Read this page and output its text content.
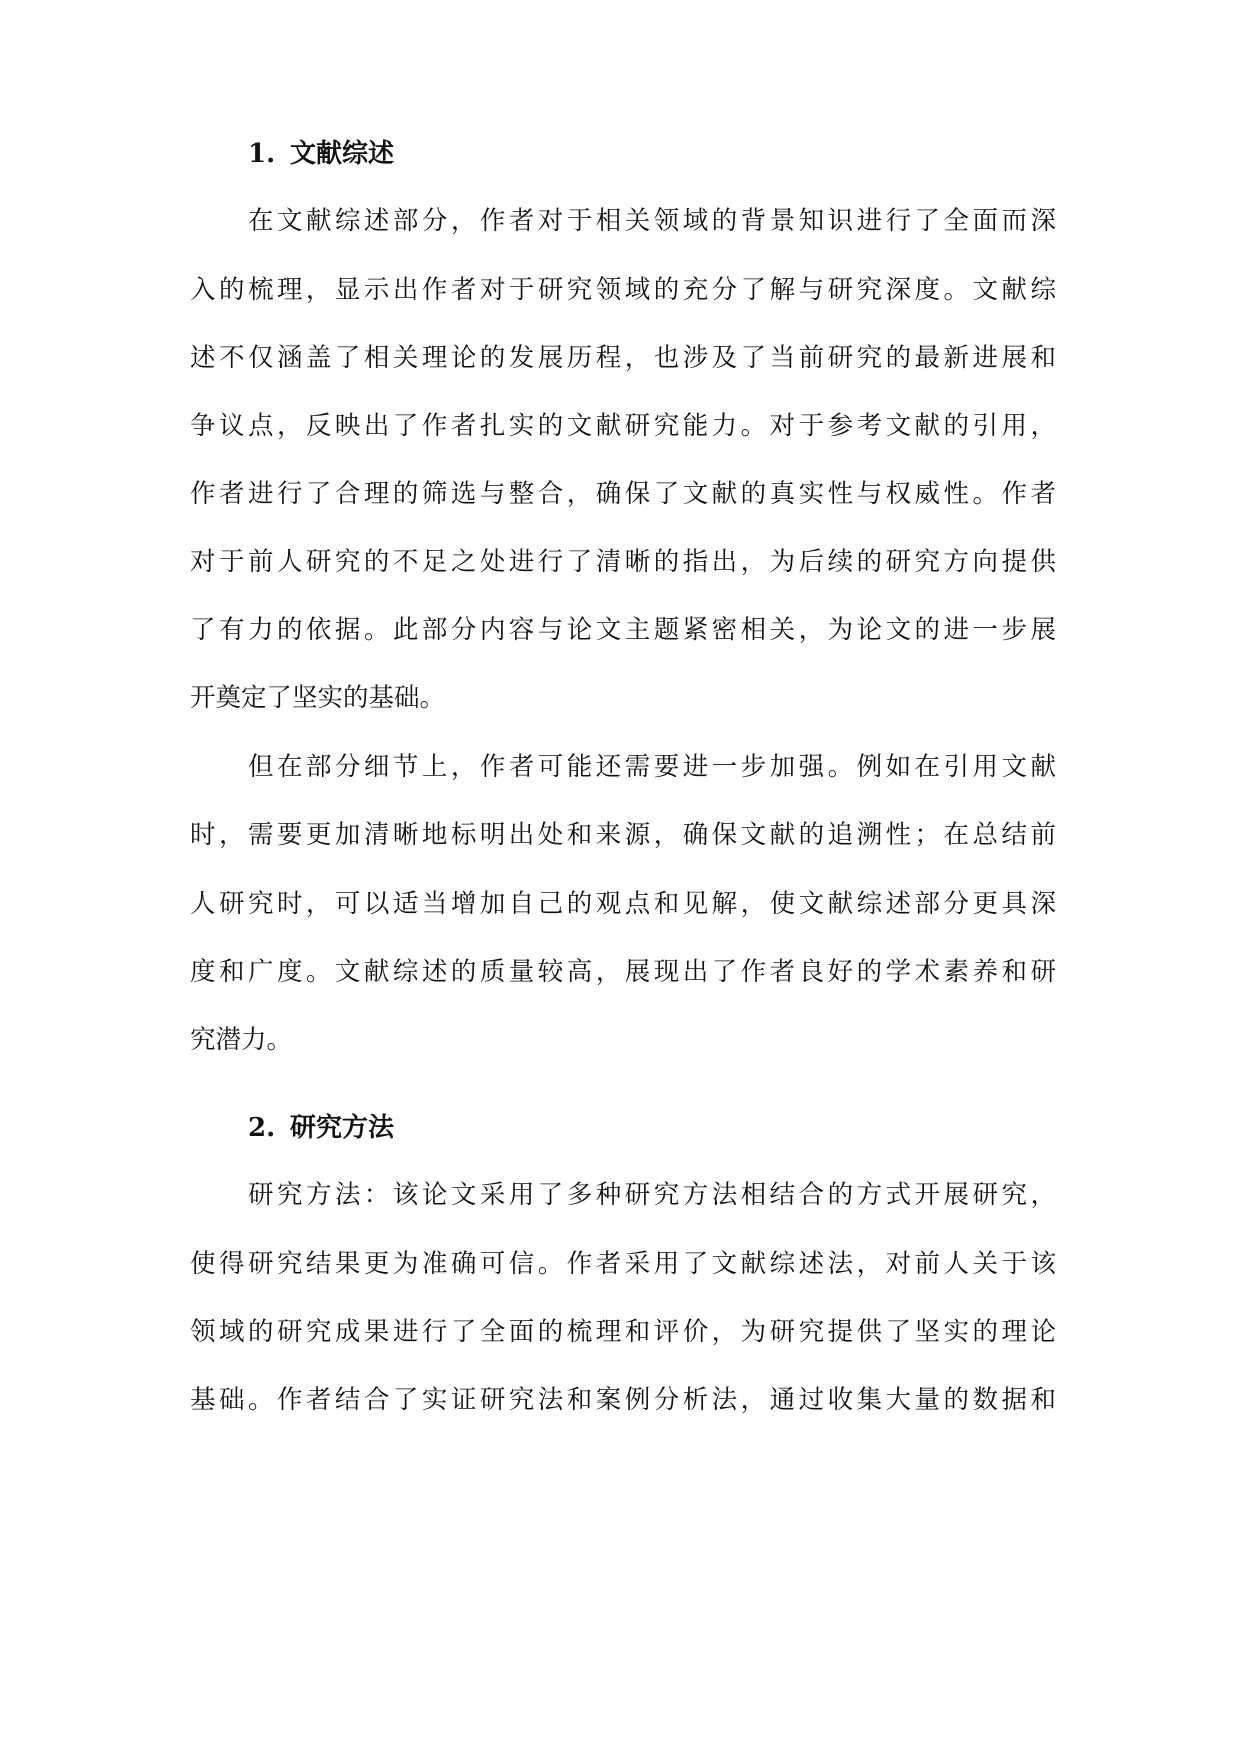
1. 文献综述
在文献综述部分，作者对于相关领域的背景知识进行了全面而深
入的梳理，显示出作者对于研究领域的充分了解与研究深度。文献综
述不仅涵盖了相关理论的发展历程，也涉及了当前研究的最新进展和
争议点，反映出了作者扎实的文献研究能力。对于参考文献的引用，
作者进行了合理的筛选与整合，确保了文献的真实性与权威性。作者
对于前人研究的不足之处进行了清晰的指出，为后续的研究方向提供
了有力的依据。此部分内容与论文主题紧密相关，为论文的进一步展
开奠定了坚实的基础。
但在部分细节上，作者可能还需要进一步加强。例如在引用文献
时，需要更加清晰地标明出处和来源，确保文献的追溯性；在总结前
人研究时，可以适当增加自己的观点和见解，使文献综述部分更具深
度和广度。文献综述的质量较高，展现出了作者良好的学术素养和研
究潜力。
2. 研究方法
研究方法：该论文采用了多种研究方法相结合的方式开展研究，
使得研究结果更为准确可信。作者采用了文献综述法，对前人关于该
领域的研究成果进行了全面的梳理和评价，为研究提供了坚实的理论
基础。作者结合了实证研究法和案例分析法，通过收集大量的数据和
